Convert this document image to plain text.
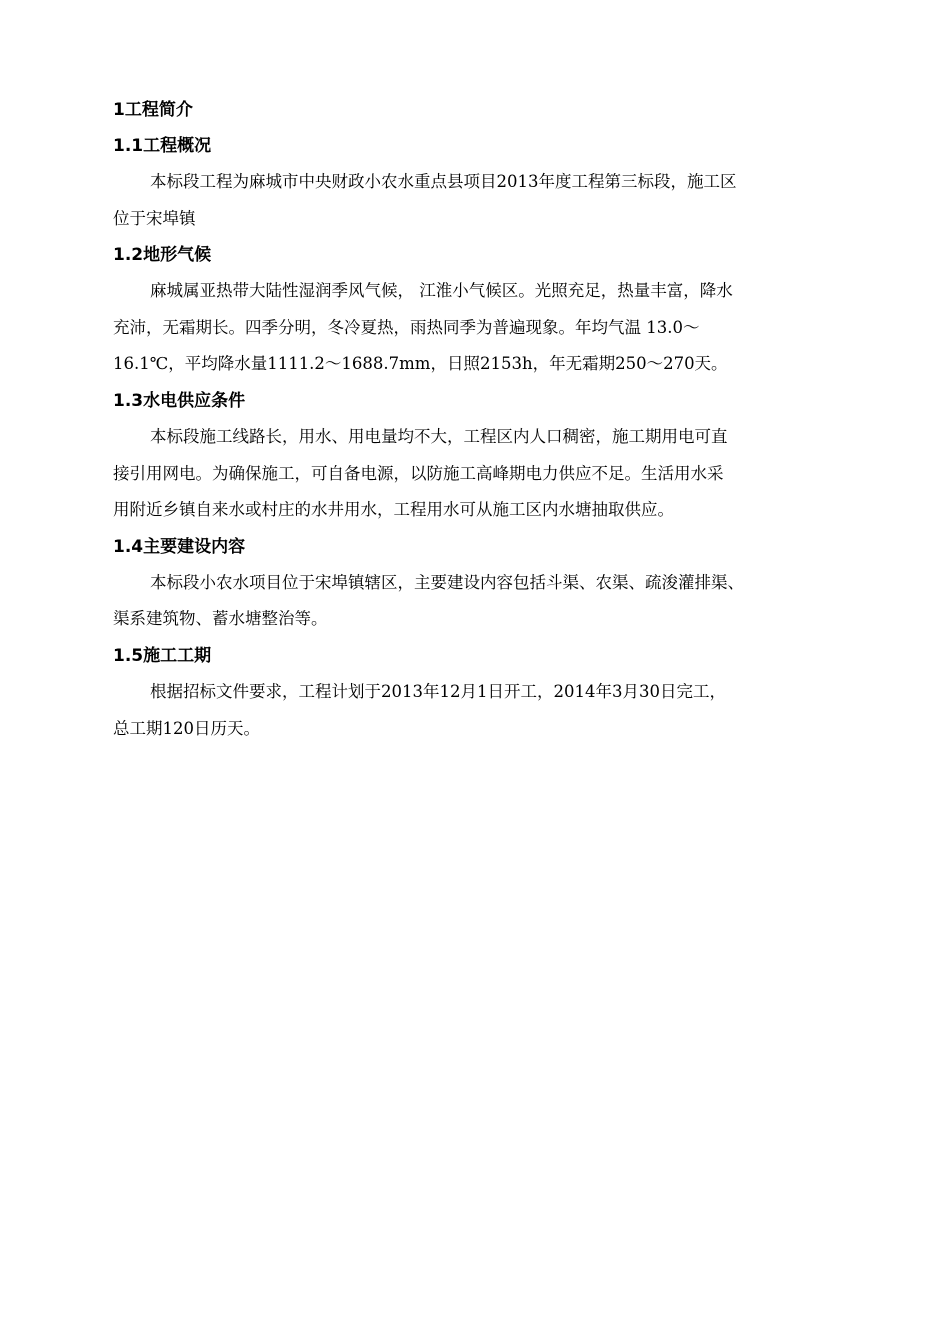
1工程简介
1.1工程概况
本标段工程为麻城市中央财政小农水重点县项目2013年度工程第三标段，施工区
位于宋埠镇
1.2地形气候
麻城属亚热带大陆性湿润季风气候， 江淮小气候区。光照充足，热量丰富，降水
充沛，无霜期长。四季分明，冬冷夏热，雨热同季为普遍现象。年均气温 13.0～
16.1℃，平均降水量1111.2～1688.7mm，日照2153h，年无霜期250～270天。
1.3水电供应条件
本标段施工线路长，用水、用电量均不大，工程区内人口稠密，施工期用电可直
接引用网电。为确保施工，可自备电源，以防施工高峰期电力供应不足。生活用水采
用附近乡镇自来水或村庄的水井用水，工程用水可从施工区内水塘抽取供应。
1.4主要建设内容
本标段小农水项目位于宋埠镇辖区，主要建设内容包括斗渠、农渠、疏浚灌排渠、
渠系建筑物、蓄水塘整治等。
1.5施工工期
根据招标文件要求，工程计划于2013年12月1日开工，2014年3月30日完工，
总工期120日历天。
